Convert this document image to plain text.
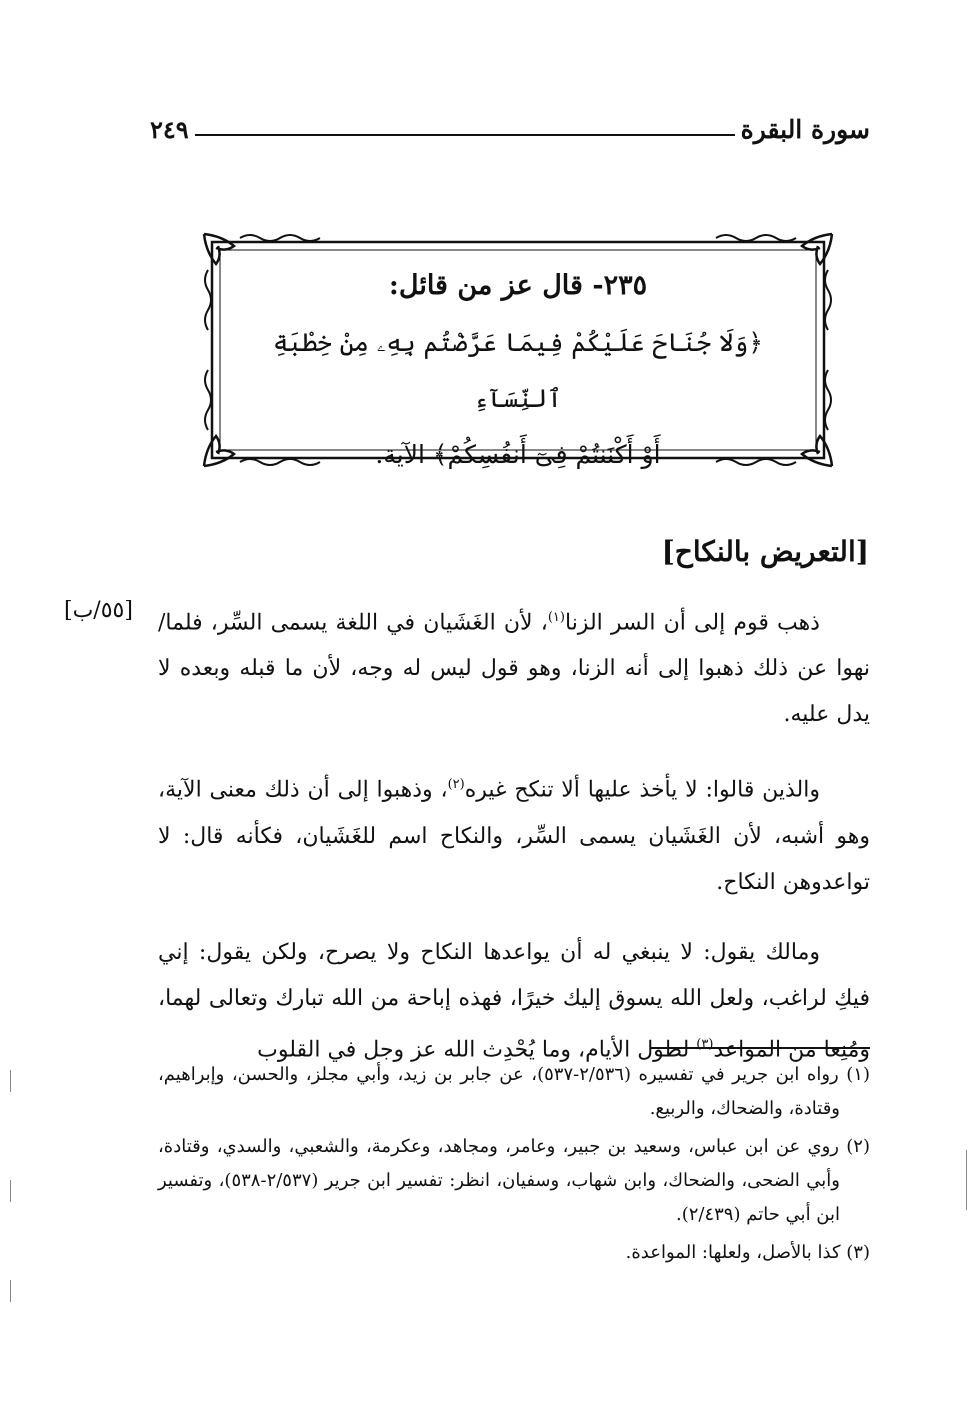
سورة البقرة
٢٤٩
٢٣٥- قال عز من قائل:
﴿وَلَا جُنَاحَ عَلَيْكُمْ فِيمَا عَرَّضْتُم بِهِۦ مِنْ خِطْبَةِ ٱلنِّسَآءِ
أَوْ أَكْنَنتُمْ فِىٓ أَنفُسِكُمْ﴾ الآية.
[التعريض بالنكاح]
[٥٥/ب]	ذهب قوم إلى أن السر الزنا$^{(١)}$، لأن الغَشَيان في اللغة يسمى السِّر، فلما/ نهوا عن ذلك ذهبوا إلى أنه الزنا، وهو قول ليس له وجه، لأن ما قبله وبعده لا يدل عليه.

والذين قالوا: لا يأخذ عليها ألا تنكح غيره$^{(٢)}$، وذهبوا إلى أن ذلك معنى الآية، وهو أشبه، لأن الغَشَيان يسمى السِّر، والنكاح اسم للغَشَيان، فكأنه قال: لا تواعدوهن النكاح.

ومالك يقول: لا ينبغي له أن يواعدها النكاح ولا يصرح، ولكن يقول: إني فيكِ لراغب، ولعل الله يسوق إليك خيرًا، فهذه إباحة من الله تبارك وتعالى لهما، ومُنِعا من المواعد$^{(٣)}$ لطول الأيام، وما يُحْدِث الله عز وجل في القلوب

(١) رواه ابن جرير في تفسيره (٢/٥٣٦-٥٣٧)، عن جابر بن زيد، وأبي مجلز، والحسن، وإبراهيم، وقتادة، والضحاك، والربيع.
(٢) روي عن ابن عباس، وسعيد بن جبير، وعامر، ومجاهد، وعكرمة، والشعبي، والسدي، وقتادة، وأبي الضحى، والضحاك، وابن شهاب، وسفيان، انظر: تفسير ابن جرير (٢/٥٣٧-٥٣٨)، وتفسير ابن أبي حاتم (٢/٤٣٩).
(٣) كذا بالأصل، ولعلها: المواعدة.
